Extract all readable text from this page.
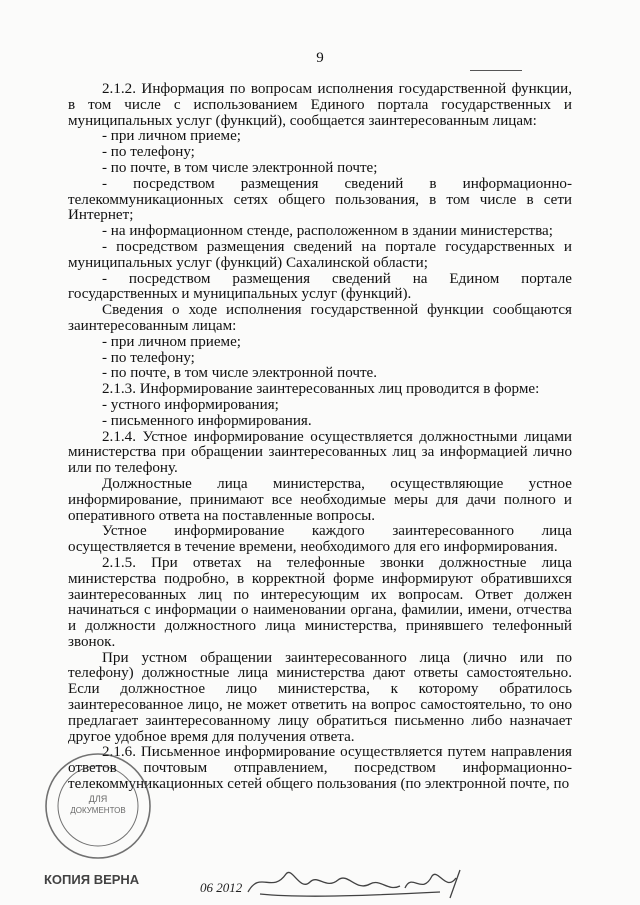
9

2.1.2. Информация по вопросам исполнения государственной функции, в том числе с использованием Единого портала государственных и муниципальных услуг (функций), сообщается заинтересованным лицам:

- при личном приеме;

- по телефону;

- по почте, в том числе электронной почте;

- посредством размещения сведений в информационно-телекоммуникационных сетях общего пользования, в том числе в сети Интернет;

- на информационном стенде, расположенном в здании министерства;

- посредством размещения сведений на портале государственных и муниципальных услуг (функций) Сахалинской области;

- посредством размещения сведений на Едином портале государственных и муниципальных услуг (функций).

Сведения о ходе исполнения государственной функции сообщаются заинтересованным лицам:

- при личном приеме;

- по телефону;

- по почте, в том числе электронной почте.

2.1.3. Информирование заинтересованных лиц проводится в форме:

- устного информирования;

- письменного информирования.

2.1.4. Устное информирование осуществляется должностными лицами министерства при обращении заинтересованных лиц за информацией лично или по телефону.

Должностные лица министерства, осуществляющие устное информирование, принимают все необходимые меры для дачи полного и оперативного ответа на поставленные вопросы.

Устное информирование каждого заинтересованного лица осуществляется в течение времени, необходимого для его информирования.

2.1.5. При ответах на телефонные звонки должностные лица министерства подробно, в корректной форме информируют обратившихся заинтересованных лиц по интересующим их вопросам. Ответ должен начинаться с информации о наименовании органа, фамилии, имени, отчества и должности должностного лица министерства, принявшего телефонный звонок.

При устном обращении заинтересованного лица (лично или по телефону) должностные лица министерства дают ответы самостоятельно. Если должностное лицо министерства, к которому обратилось заинтересованное лицо, не может ответить на вопрос самостоятельно, то оно предлагает заинтересованному лицу обратиться письменно либо назначает другое удобное время для получения ответа.

2.1.6. Письменное информирование осуществляется путем направления ответов почтовым отправлением, посредством информационно-телекоммуникационных сетей общего пользования (по электронной почте, по

ДЛЯ
ДОКУМЕНТОВ
КОПИЯ ВЕРНА
06 2012
